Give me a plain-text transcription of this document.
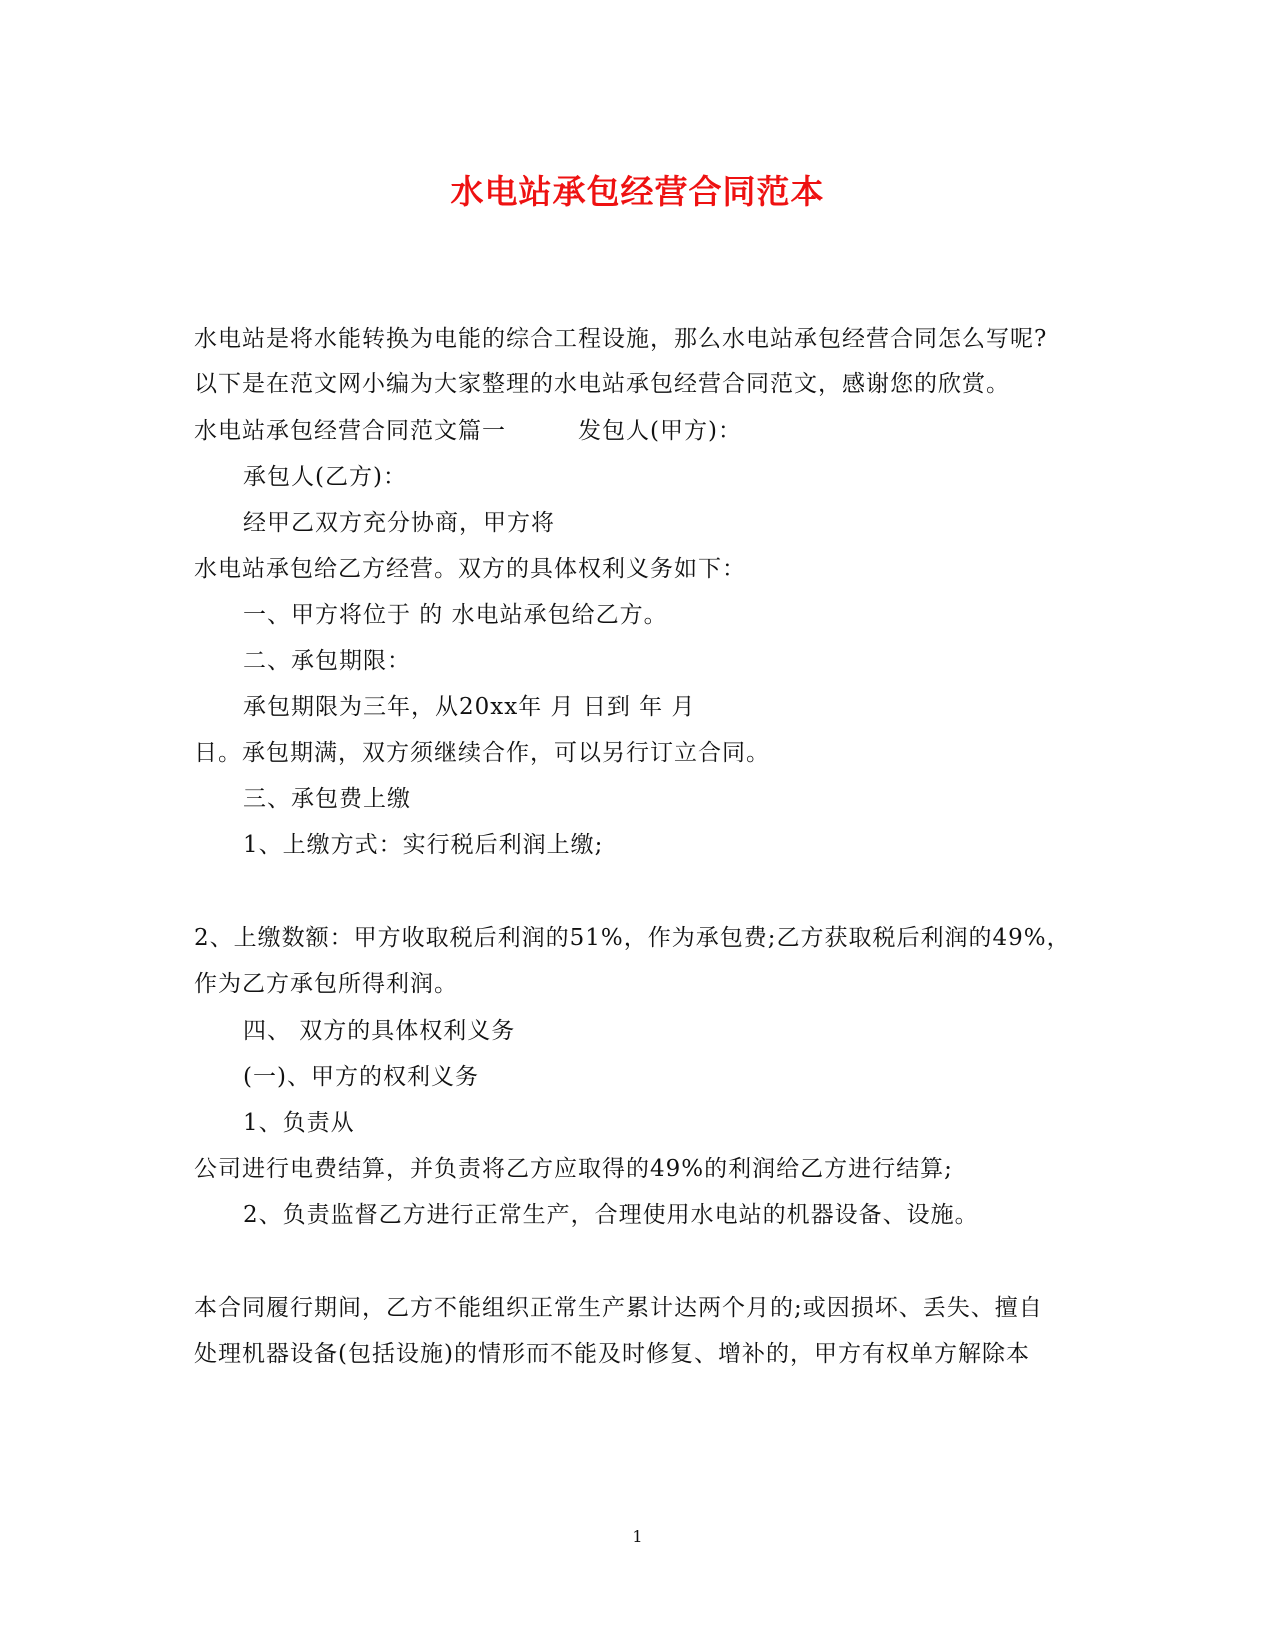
水电站承包经营合同范本
水电站是将水能转换为电能的综合工程设施，那么水电站承包经营合同怎么写呢?
以下是在范文网小编为大家整理的水电站承包经营合同范文，感谢您的欣赏。
水电站承包经营合同范文篇一　　　发包人(甲方)：
承包人(乙方)：
经甲乙双方充分协商，甲方将
水电站承包给乙方经营。双方的具体权利义务如下：
一、甲方将位于 的 水电站承包给乙方。
二、承包期限：
承包期限为三年，从20xx年 月 日到 年 月
日。承包期满，双方须继续合作，可以另行订立合同。
三、承包费上缴
1、上缴方式：实行税后利润上缴;
2、上缴数额：甲方收取税后利润的51%，作为承包费;乙方获取税后利润的49%，
作为乙方承包所得利润。
四、 双方的具体权利义务
(一)、甲方的权利义务
1、负责从
公司进行电费结算，并负责将乙方应取得的49%的利润给乙方进行结算;
2、负责监督乙方进行正常生产，合理使用水电站的机器设备、设施。
本合同履行期间，乙方不能组织正常生产累计达两个月的;或因损坏、丢失、擅自
处理机器设备(包括设施)的情形而不能及时修复、增补的，甲方有权单方解除本
1
